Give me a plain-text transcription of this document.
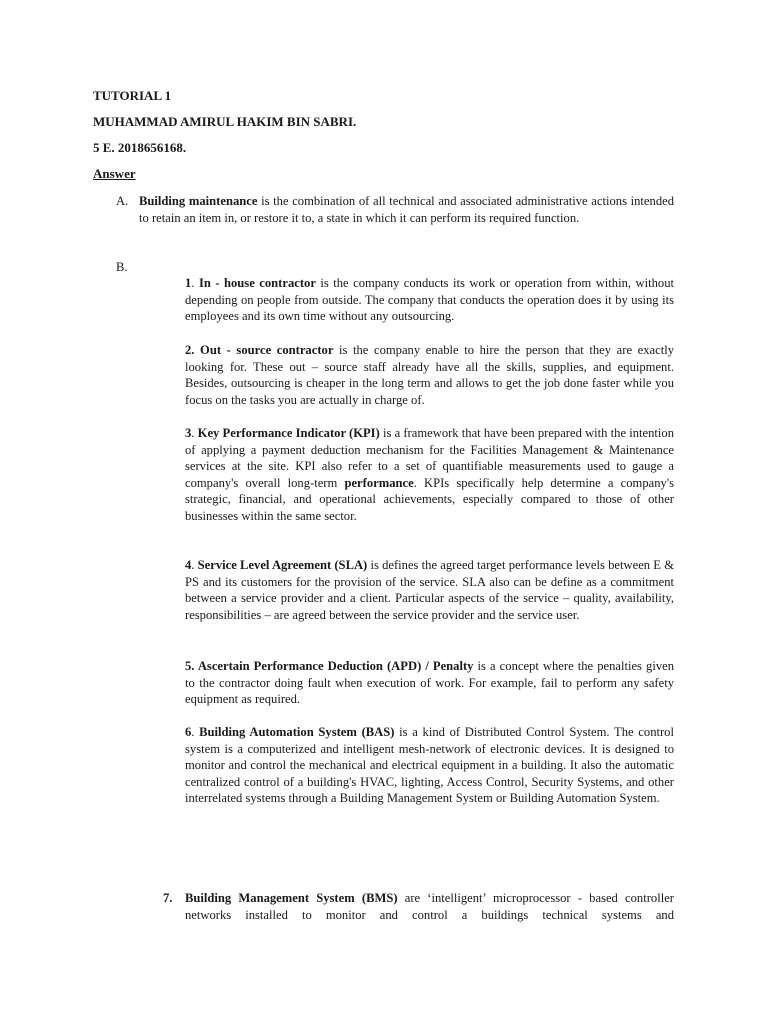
TUTORIAL 1
MUHAMMAD AMIRUL HAKIM BIN SABRI.
5 E. 2018656168.
Answer
A. Building maintenance is the combination of all technical and associated administrative actions intended to retain an item in, or restore it to, a state in which it can perform its required function.
B.
1. In - house contractor is the company conducts its work or operation from within, without depending on people from outside. The company that conducts the operation does it by using its employees and its own time without any outsourcing.
2. Out - source contractor is the company enable to hire the person that they are exactly looking for. These out – source staff already have all the skills, supplies, and equipment. Besides, outsourcing is cheaper in the long term and allows to get the job done faster while you focus on the tasks you are actually in charge of.
3. Key Performance Indicator (KPI) is a framework that have been prepared with the intention of applying a payment deduction mechanism for the Facilities Management & Maintenance services at the site. KPI also refer to a set of quantifiable measurements used to gauge a company's overall long-term performance. KPIs specifically help determine a company's strategic, financial, and operational achievements, especially compared to those of other businesses within the same sector.
4. Service Level Agreement (SLA) is defines the agreed target performance levels between E & PS and its customers for the provision of the service. SLA also can be define as a commitment between a service provider and a client. Particular aspects of the service – quality, availability, responsibilities – are agreed between the service provider and the service user.
5. Ascertain Performance Deduction (APD) / Penalty is a concept where the penalties given to the contractor doing fault when execution of work. For example, fail to perform any safety equipment as required.
6. Building Automation System (BAS) is a kind of Distributed Control System. The control system is a computerized and intelligent mesh-network of electronic devices. It is designed to monitor and control the mechanical and electrical equipment in a building. It also the automatic centralized control of a building's HVAC, lighting, Access Control, Security Systems, and other interrelated systems through a Building Management System or Building Automation System.
7. Building Management System (BMS) are ‘intelligent’ microprocessor - based controller networks installed to monitor and control a buildings technical systems and
